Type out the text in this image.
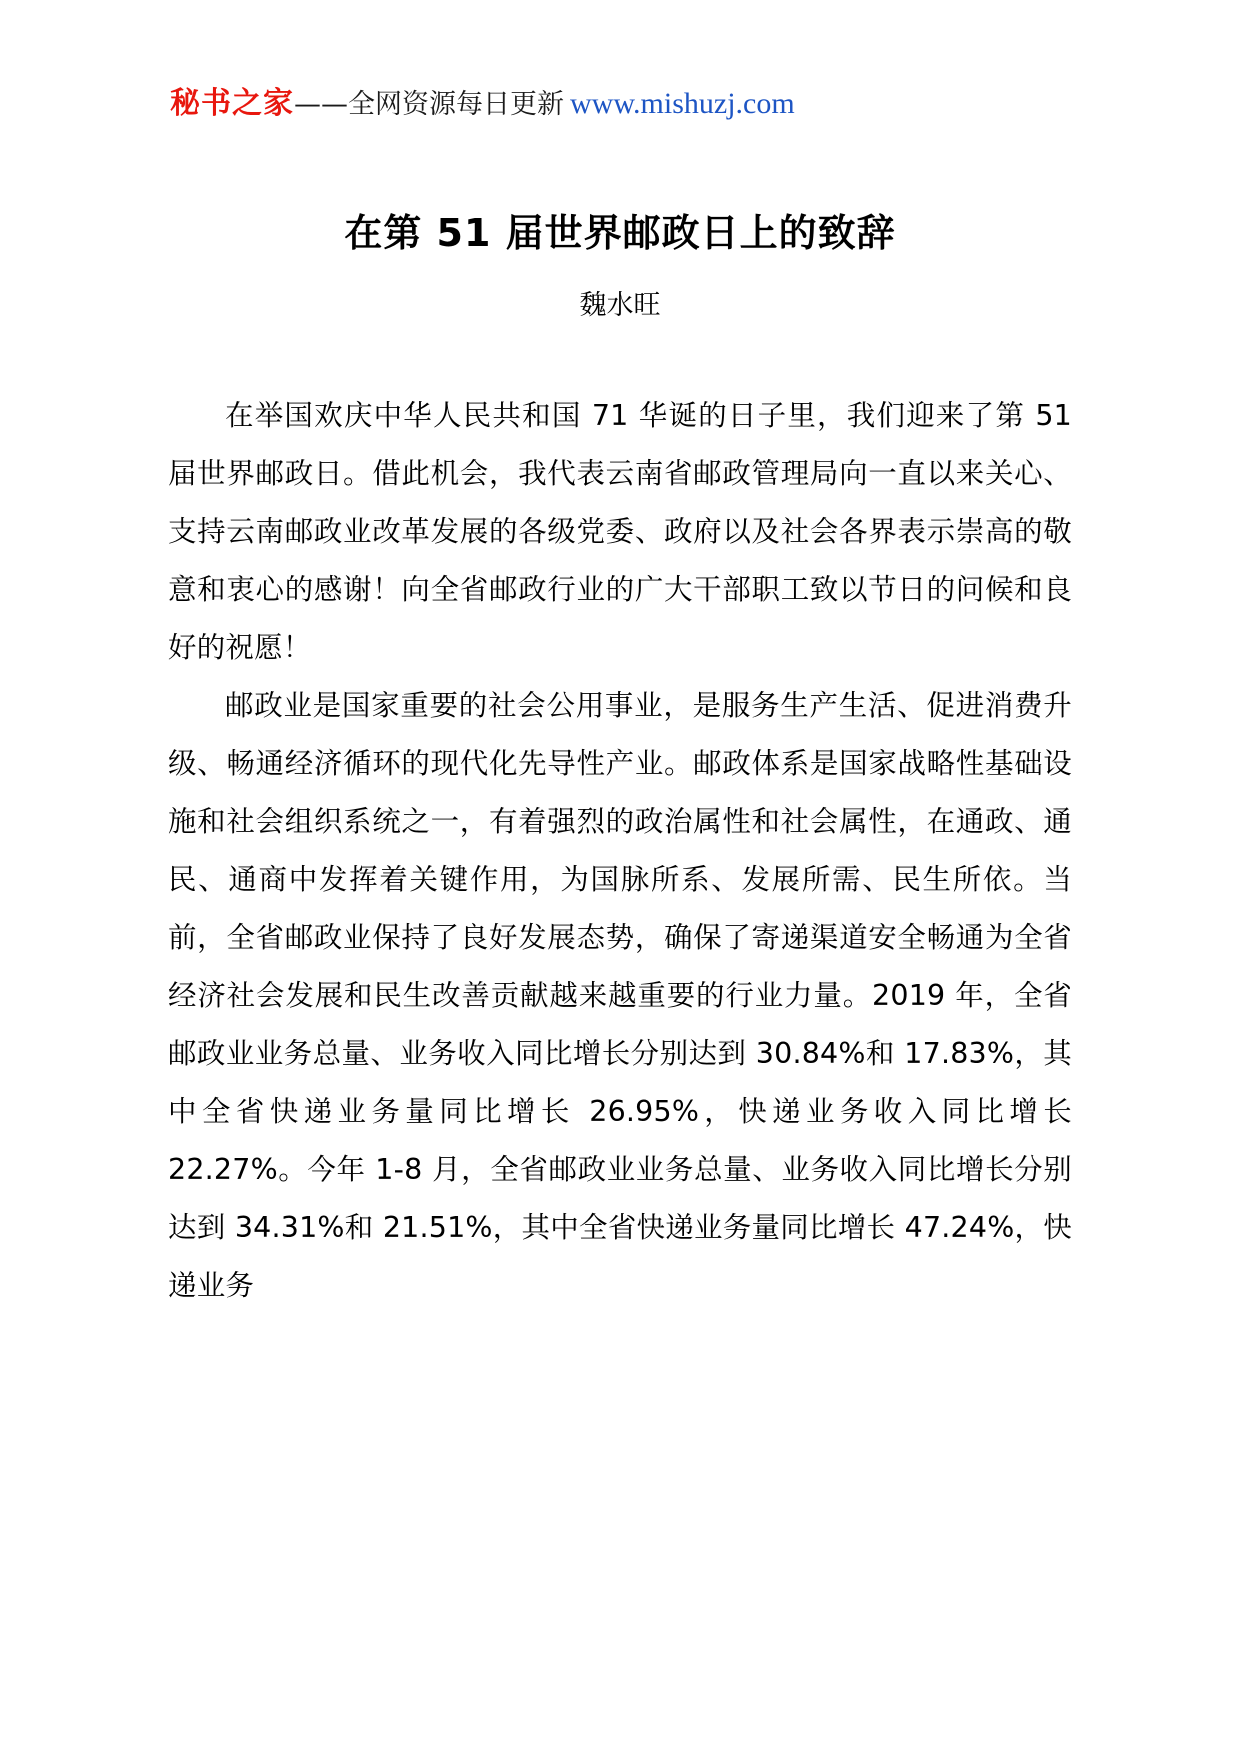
秘书之家——全网资源每日更新 www.mishuzj.com
在第 51 届世界邮政日上的致辞
魏水旺

在举国欢庆中华人民共和国 71 华诞的日子里，我们迎来了第 51 届世界邮政日。借此机会，我代表云南省邮政管理局向一直以来关心、支持云南邮政业改革发展的各级党委、政府以及社会各界表示崇高的敬意和衷心的感谢！向全省邮政行业的广大干部职工致以节日的问候和良好的祝愿！

邮政业是国家重要的社会公用事业，是服务生产生活、促进消费升级、畅通经济循环的现代化先导性产业。邮政体系是国家战略性基础设施和社会组织系统之一，有着强烈的政治属性和社会属性，在通政、通民、通商中发挥着关键作用，为国脉所系、发展所需、民生所依。当前，全省邮政业保持了良好发展态势，确保了寄递渠道安全畅通为全省经济社会发展和民生改善贡献越来越重要的行业力量。2019 年，全省邮政业业务总量、业务收入同比增长分别达到 30.84%和 17.83%，其中全省快递业务量同比增长 26.95%，快递业务收入同比增长 22.27%。今年 1-8 月，全省邮政业业务总量、业务收入同比增长分别达到 34.31%和 21.51%，其中全省快递业务量同比增长 47.24%，快递业务
